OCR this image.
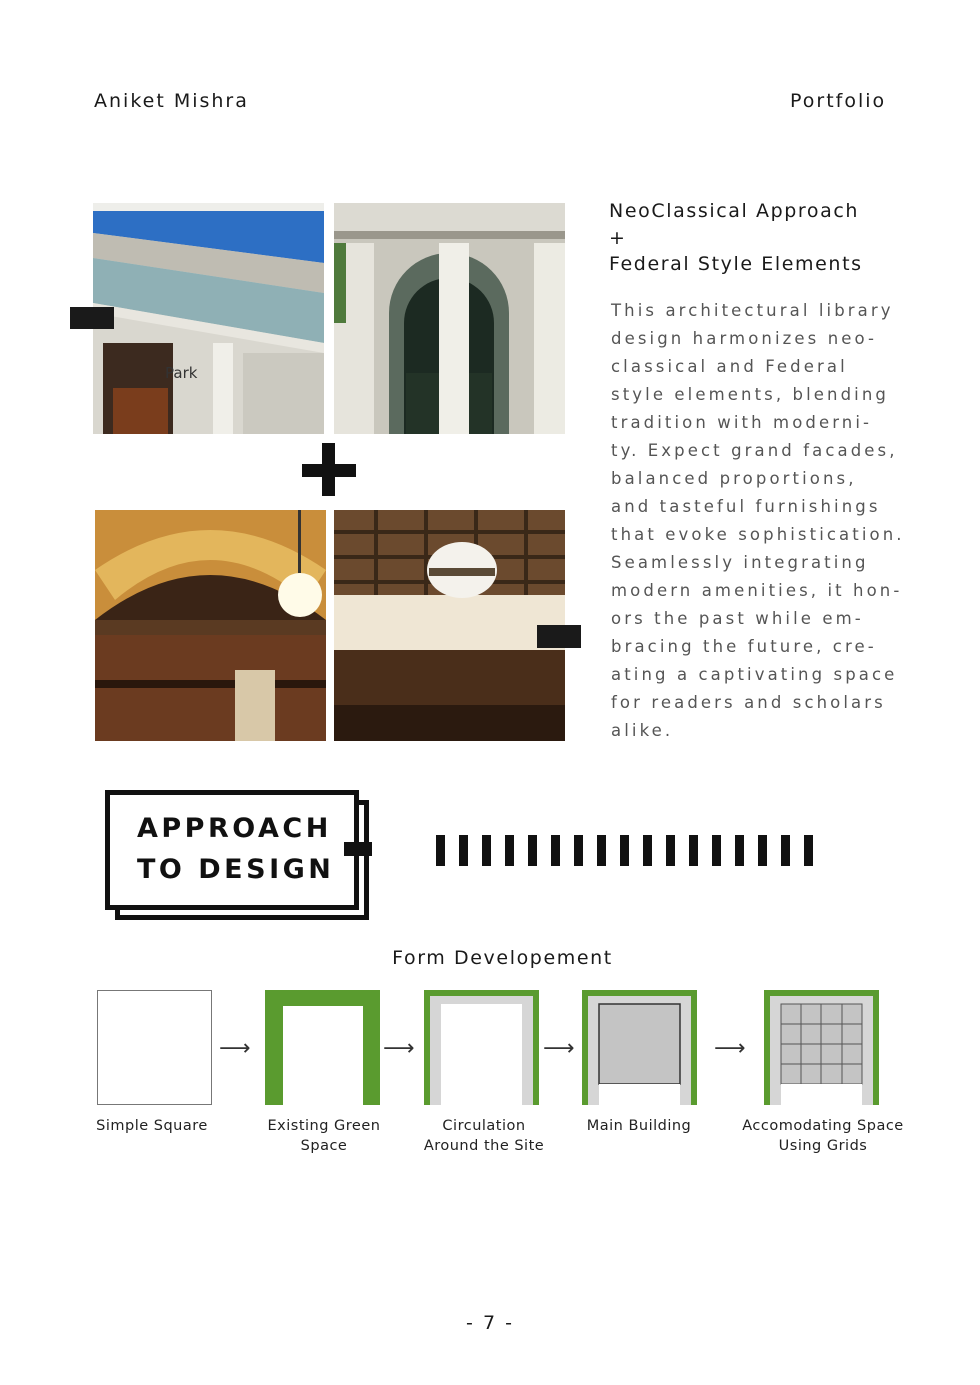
Aniket Mishra	Portfolio
Park
NeoClassical Approach
+
Federal Style Elements
This architectural library
design harmonizes neo-
classical and Federal
style elements, blending
tradition with moderni-
ty. Expect grand facades,
balanced proportions,
and tasteful furnishings
that evoke sophistication.
Seamlessly integrating
modern amenities, it hon-
ors the past while em-
bracing the future, cre-
ating a captivating space
for readers and scholars
alike.
APPROACH
TO DESIGN
Form Developement
⟶	⟶	⟶	⟶
Simple Square	Existing Green
Space
Circulation
Around the Site
Main Building	Accomodating Space
Using Grids
- 7 -
